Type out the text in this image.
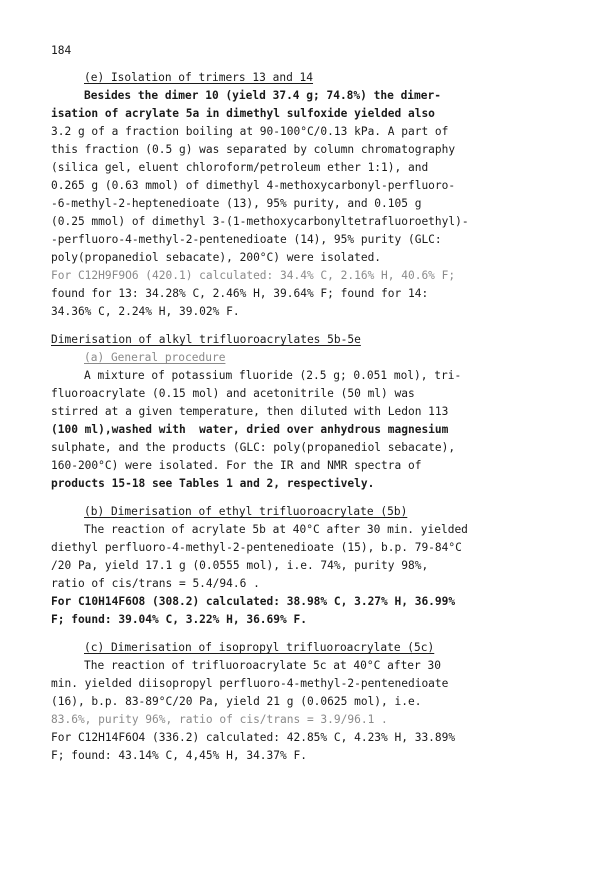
184
(e) Isolation of trimers 13 and 14
Besides the dimer 10 (yield 37.4 g; 74.8%) the dimer-
isation of acrylate 5a in dimethyl sulfoxide yielded also
3.2 g of a fraction boiling at 90-100°C/0.13 kPa. A part of
this fraction (0.5 g) was separated by column chromatography
(silica gel, eluent chloroform/petroleum ether 1:1), and
0.265 g (0.63 mmol) of dimethyl 4-methoxycarbonyl-perfluoro-
-6-methyl-2-heptenedioate (13), 95% purity, and 0.105 g
(0.25 mmol) of dimethyl 3-(1-methoxycarbonyltetrafluoroethyl)-
-perfluoro-4-methyl-2-pentenedioate (14), 95% purity (GLC:
poly(propanediol sebacate), 200°C) were isolated.
For C12H9F9O6 (420.1) calculated: 34.4% C, 2.16% H, 40.6% F;
found for 13: 34.28% C, 2.46% H, 39.64% F; found for 14:
34.36% C, 2.24% H, 39.02% F.
Dimerisation of alkyl trifluoroacrylates 5b-5e
(a) General procedure
A mixture of potassium fluoride (2.5 g; 0.051 mol), tri-
fluoroacrylate (0.15 mol) and acetonitrile (50 ml) was
stirred at a given temperature, then diluted with Ledon 113
(100 ml),washed with  water, dried over anhydrous magnesium
sulphate, and the products (GLC: poly(propanediol sebacate),
160-200°C) were isolated. For the IR and NMR spectra of
products 15-18 see Tables 1 and 2, respectively.
(b) Dimerisation of ethyl trifluoroacrylate (5b)
The reaction of acrylate 5b at 40°C after 30 min. yielded
diethyl perfluoro-4-methyl-2-pentenedioate (15), b.p. 79-84°C
/20 Pa, yield 17.1 g (0.0555 mol), i.e. 74%, purity 98%,
ratio of cis/trans = 5.4/94.6 .
For C10H14F6O8 (308.2) calculated: 38.98% C, 3.27% H, 36.99%
F; found: 39.04% C, 3.22% H, 36.69% F.
(c) Dimerisation of isopropyl trifluoroacrylate (5c)
The reaction of trifluoroacrylate 5c at 40°C after 30
min. yielded diisopropyl perfluoro-4-methyl-2-pentenedioate
(16), b.p. 83-89°C/20 Pa, yield 21 g (0.0625 mol), i.e.
83.6%, purity 96%, ratio of cis/trans = 3.9/96.1 .
For C12H14F6O4 (336.2) calculated: 42.85% C, 4.23% H, 33.89%
F; found: 43.14% C, 4,45% H, 34.37% F.
